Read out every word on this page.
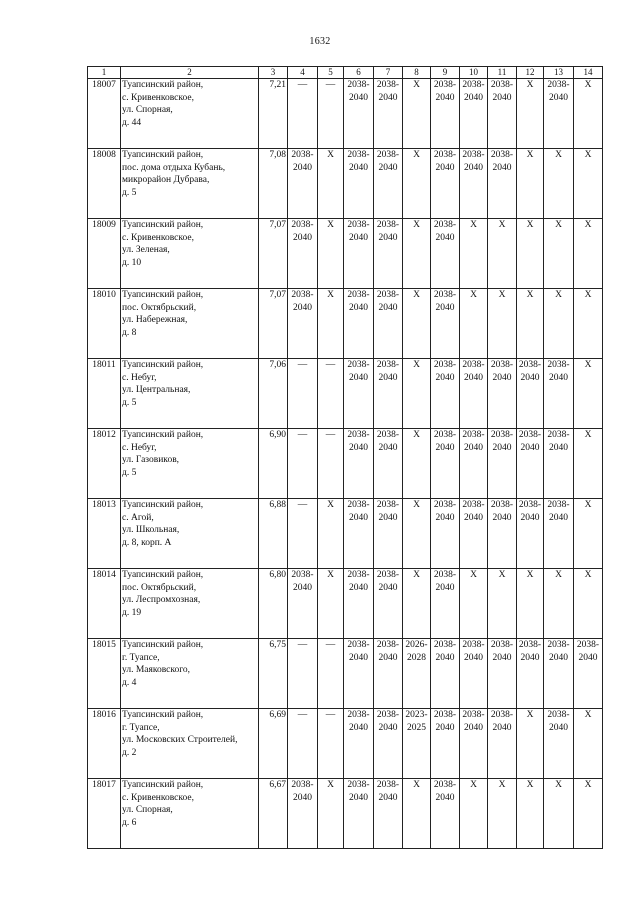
1632
1	2	3	4	5	6	7	8	9	10	11	12	13	14
18007	Туапсинский район,
с. Кривенковское,
ул. Спорная,
д. 44	7,21	—	—	2038-
2040	2038-
2040	X	2038-
2040	2038-
2040	2038-
2040	X	2038-
2040	X
18008	Туапсинский район,
пос. дома отдыха Кубань,
микрорайон Дубрава,
д. 5	7,08	2038-
2040	X	2038-
2040	2038-
2040	X	2038-
2040	2038-
2040	2038-
2040	X	X	X
18009	Туапсинский район,
с. Кривенковское,
ул. Зеленая,
д. 10	7,07	2038-
2040	X	2038-
2040	2038-
2040	X	2038-
2040	X	X	X	X	X
18010	Туапсинский район,
пос. Октябрьский,
ул. Набережная,
д. 8	7,07	2038-
2040	X	2038-
2040	2038-
2040	X	2038-
2040	X	X	X	X	X
18011	Туапсинский район,
с. Небуг,
ул. Центральная,
д. 5	7,06	—	—	2038-
2040	2038-
2040	X	2038-
2040	2038-
2040	2038-
2040	2038-
2040	2038-
2040	X
18012	Туапсинский район,
с. Небуг,
ул. Газовиков,
д. 5	6,90	—	—	2038-
2040	2038-
2040	X	2038-
2040	2038-
2040	2038-
2040	2038-
2040	2038-
2040	X
18013	Туапсинский район,
с. Агой,
ул. Школьная,
д. 8, корп. А	6,88	—	X	2038-
2040	2038-
2040	X	2038-
2040	2038-
2040	2038-
2040	2038-
2040	2038-
2040	X
18014	Туапсинский район,
пос. Октябрьский,
ул. Леспромхозная,
д. 19	6,80	2038-
2040	X	2038-
2040	2038-
2040	X	2038-
2040	X	X	X	X	X
18015	Туапсинский район,
г. Туапсе,
ул. Маяковского,
д. 4	6,75	—	—	2038-
2040	2038-
2040	2026-
2028	2038-
2040	2038-
2040	2038-
2040	2038-
2040	2038-
2040	2038-
2040

18016	Туапсинский район,
г. Туапсе,
ул. Московских Строителей,
д. 2	6,69	—	—	2038-
2040	2038-
2040	2023-
2025	2038-
2040	2038-
2040	2038-
2040	X	2038-
2040	X
18017	Туапсинский район,
с. Кривенковское,
ул. Спорная,
д. 6	6,67	2038-
2040	X	2038-
2040	2038-
2040	X	2038-
2040	X	X	X	X	X
